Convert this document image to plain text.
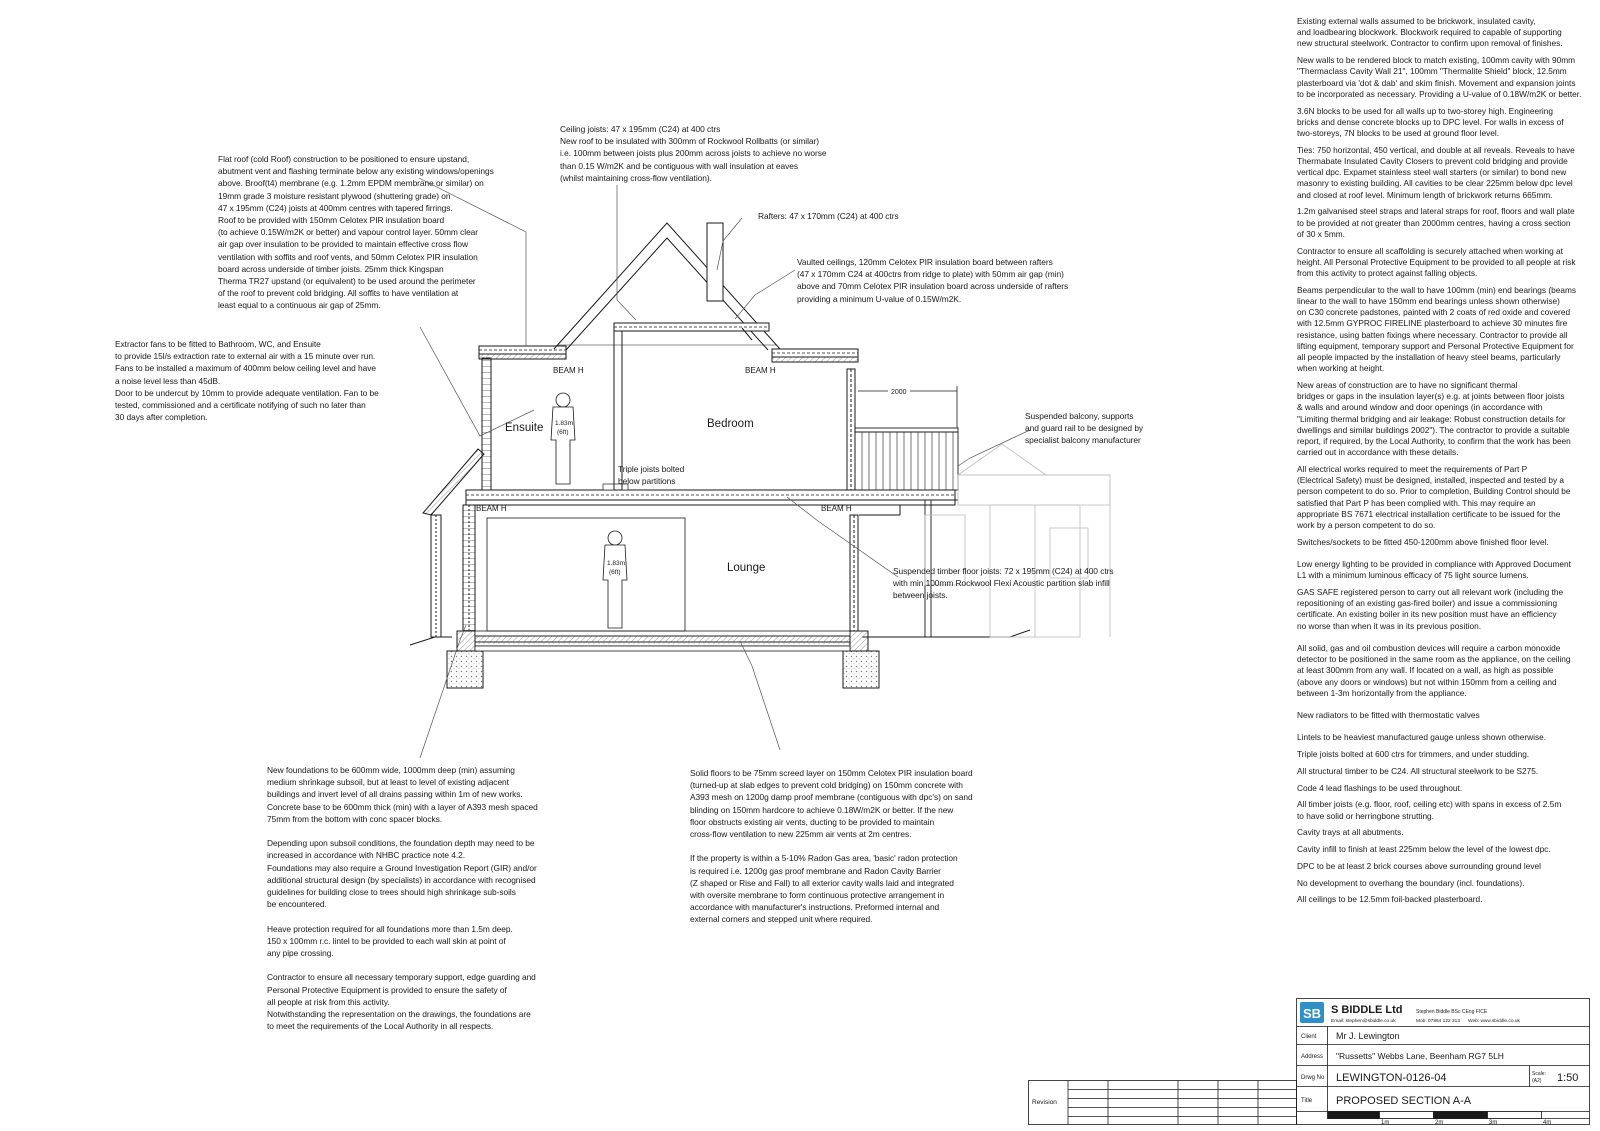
Ensuite	Bedroom
Lounge
BEAM H	BEAM H
BEAM H	BEAM H
1.83m
(6ft)
1.83m
(6ft)
2000
Ceiling joists: 47 x 195mm (C24) at 400 ctrs
New roof to be insulated with 300mm of Rockwool Rollbatts (or similar)
i.e. 100mm between joists plus 200mm across joists to achieve no worse
than 0.15 W/m2K and be contiguous with wall insulation at eaves
(whilst maintaining cross-flow ventilation).
Rafters: 47 x 170mm (C24) at 400 ctrs
Vaulted ceilings, 120mm Celotex PIR insulation board between rafters
(47 x 170mm C24 at 400ctrs from ridge to plate) with 50mm air gap (min)
above and 70mm Celotex PIR insulation board across underside of rafters
providing a minimum U-value of 0.15W/m2K.
Flat roof (cold Roof) construction to be positioned to ensure upstand,
abutment vent and flashing terminate below any existing windows/openings
above. Broof(t4) membrane (e.g. 1.2mm EPDM membrane or similar) on
19mm grade 3 moisture resistant plywood (shuttering grade) on
47 x 195mm (C24) joists at 400mm centres with tapered firrings.
Roof to be provided with 150mm Celotex PIR insulation board
(to achieve 0.15W/m2K or better) and vapour control layer. 50mm clear
air gap over insulation to be provided to maintain effective cross flow
ventilation with soffits and roof vents, and 50mm Celotex PIR insulation
board across underside of timber joists. 25mm thick Kingspan
Therma TR27 upstand (or equivalent) to be used around the perimeter
of the roof to prevent cold bridging. All soffits to have ventilation at
least equal to a continuous air gap of 25mm.
Extractor fans to be fitted to Bathroom, WC, and Ensuite
to provide 15l/s extraction rate to external air with a 15 minute over run.
Fans to be installed a maximum of 400mm below ceiling level and have
a noise level less than 45dB.
Door to be undercut by 10mm to provide adequate ventilation. Fan to be
tested, commissioned and a certificate notifying of such no later than
30 days after completion.
Triple joists bolted
below partitions
Suspended balcony, supports
and guard rail to be designed by
specialist balcony manufacturer
Suspended timber floor joists: 72 x 195mm (C24) at 400 ctrs
with min 100mm Rockwool Flexi Acoustic partition slab infill
between joists.
New foundations to be 600mm wide, 1000mm deep (min) assuming
medium shrinkage subsoil, but at least to level of existing adjacent
buildings and invert level of all drains passing within 1m of new works.
Concrete base to be 600mm thick (min) with a layer of A393 mesh spaced
75mm from the bottom with conc spacer blocks.

Depending upon subsoil conditions, the foundation depth may need to be
increased in accordance with NHBC practice note 4.2.
Foundations may also require a Ground Investigation Report (GIR) and/or
additional structural design (by specialists) in accordance with recognised
guidelines for building close to trees should high shrinkage sub-soils
be encountered.

Heave protection required for all foundations more than 1.5m deep.
150 x 100mm r.c. lintel to be provided to each wall skin at point of
any pipe crossing.

Contractor to ensure all necessary temporary support, edge guarding and
Personal Protective Equipment is provided to ensure the safety of
all people at risk from this activity.
Notwithstanding the representation on the drawings, the foundations are
to meet the requirements of the Local Authority in all respects.
Solid floors to be 75mm screed layer on 150mm Celotex PIR insulation board
(turned-up at slab edges to prevent cold bridging) on 150mm concrete with
A393 mesh on 1200g damp proof membrane (contiguous with dpc's) on sand
blinding on 150mm hardcore to achieve 0.18W/m2K or better. If the new
floor obstructs existing air vents, ducting to be provided to maintain
cross-flow ventilation to new 225mm air vents at 2m centres.

If the property is within a 5-10% Radon Gas area, 'basic' radon protection
is required i.e. 1200g gas proof membrane and Radon Cavity Barrier
(Z shaped or Rise and Fall) to all exterior cavity walls laid and integrated
with oversite membrane to form continuous protective arrangement in
accordance with manufacturer's instructions. Preformed internal and
external corners and stepped unit where required.

Existing external walls assumed to be brickwork, insulated cavity,
and loadbearing blockwork. Blockwork required to capable of supporting
new structural steelwork. Contractor to confirm upon removal of finishes.

New walls to be rendered block to match existing, 100mm cavity with 90mm
"Thermaclass Cavity Wall 21", 100mm "Thermalite Shield" block, 12.5mm
plasterboard via 'dot & dab' and skim finish. Movement and expansion joints
to be incorporated as necessary. Providing a U-value of 0.18W/m2K or better.

3.6N blocks to be used for all walls up to two-storey high. Engineering
bricks and dense concrete blocks up to DPC level. For walls in excess of
two-storeys, 7N blocks to be used at ground floor level.

Ties: 750 horizontal, 450 vertical, and double at all reveals. Reveals to have
Thermabate Insulated Cavity Closers to prevent cold bridging and provide
vertical dpc. Expamet stainless steel wall starters (or similar) to bond new
masonry to existing building. All cavities to be clear 225mm below dpc level
and closed at roof level. Minimum length of brickwork returns 665mm.

1.2m galvanised steel straps and lateral straps for roof, floors and wall plate
to be provided at not greater than 2000mm centres, having a cross section
of 30 x 5mm.

Contractor to ensure all scaffolding is securely attached when working at
height. All Personal Protective Equipment to be provided to all people at risk
from this activity to protect against falling objects.

Beams perpendicular to the wall to have 100mm (min) end bearings (beams
linear to the wall to have 150mm end bearings unless shown otherwise)
on C30 concrete padstones, painted with 2 coats of red oxide and covered
with 12.5mm GYPROC FIRELINE plasterboard to achieve 30 minutes fire
resistance, using batten fixings where necessary. Contractor to provide all
lifting equipment, temporary support and Personal Protective Equipment for
all people impacted by the installation of heavy steel beams, particularly
when working at height.

New areas of construction are to have no significant thermal
bridges or gaps in the insulation layer(s) e.g. at joints between floor joists
& walls and around window and door openings (in accordance with
"Limiting thermal bridging and air leakage: Robust construction details for
dwellings and similar buildings 2002"). The contractor to provide a suitable
report, if required, by the Local Authority, to confirm that the work has been
carried out in accordance with these details.

All electrical works required to meet the requirements of Part P
(Electrical Safety) must be designed, installed, inspected and tested by a
person competent to do so. Prior to completion, Building Control should be
satisfied that Part P has been complied with. This may require an
appropriate BS 7671 electrical installation certificate to be issued for the
work by a person competent to do so.

Switches/sockets to be fitted 450-1200mm above finished floor level.

Low energy lighting to be provided in compliance with Approved Document
L1 with a minimum luminous efficacy of 75 light source lumens.

GAS SAFE registered person to carry out all relevant work (including the
repositioning of an existing gas-fired boiler) and issue a commissioning
certificate. An existing boiler in its new position must have an efficiency
no worse than when it was in its previous position.

All solid, gas and oil combustion devices will require a carbon monoxide
detector to be positioned in the same room as the appliance, on the ceiling
at least 300mm from any wall. If located on a wall, as high as possible
(above any doors or windows) but not within 150mm from a ceiling and
between 1-3m horizontally from the appliance.

New radiators to be fitted with thermostatic valves

Lintels to be heaviest manufactured gauge unless shown otherwise.

Triple joists bolted at 600 ctrs for trimmers, and under studding.

All structural timber to be C24. All structural steelwork to be S275.

Code 4 lead flashings to be used throughout.

All timber joists (e.g. floor, roof, ceiling etc) with spans in excess of 2.5m
to have solid or herringbone strutting.

Cavity trays at all abutments.

Cavity infill to finish at least 225mm below the level of the lowest dpc.

DPC to be at least 2 brick courses above surrounding ground level

No development to overhang the boundary (incl. foundations).

All ceilings to be 12.5mm foil-backed plasterboard.

Revision
1m	2m	3m	4m
SB S BIDDLE Ltd	Stephen Biddle BSc CEng FICE
Email: stephen@sbiddle.co.uk	Mob: 07864 122 313 Web: www.sbiddle.co.uk
Client Mr J. Lewington
Address "Russetts" Webbs Lane, Beenham RG7 5LH
Drwg No LEWINGTON-0126-04	Scale:
(A2) 1:50
Title PROPOSED SECTION A-A
